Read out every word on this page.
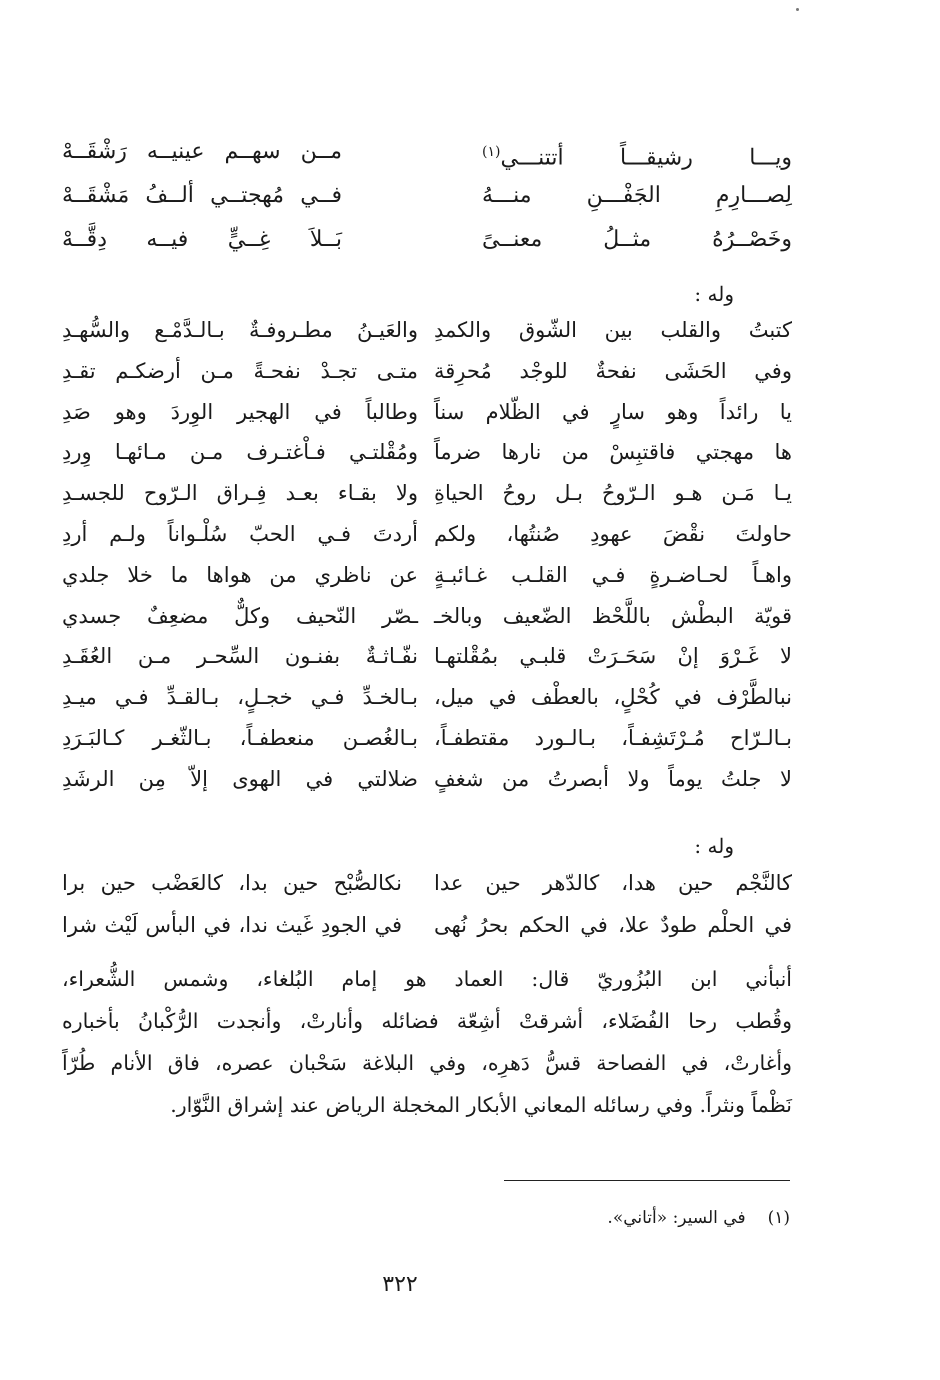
ويـــا رشيقـــاً أتتنـــي$^{(١)}$
مــن سهــم عينيــه رَشْقَــهْ
لِصـــارِمِ الجَفْـــنِ منـــهُ
فــي مُهجتــي ألــفُ مَشْقَــهْ
وخَصْــرُهُ مثــلُ معنــىً
بَــلاَ غِــيٍّ فيــه دِقَّــهْ
وله :
كتبتُ والقلب بين الشّوق والكمدِ
والعَيـنُ مطـروفـةٌ بـالـدَّمْـع والسُّهـدِ
وفي الحَشَى نفحةٌ للوجْد مُحرِقة
متـى تجـدْ نفحـةً مـن أرضكـم تقـدِ
يا رائداً وهو سارٍ في الظّلام سناً
وطالباً في الهجير الوِردَ وهو صَدِ
ها مهجتي فاقتبِسْ من نارها ضرماً
ومُقْلتـي فـاْغتـرف مـن مـائهـا وِردِ
يـا مَـن هـو الـرّوحُ بـل روحُ الحياةِ
ولا بقـاء بعـد فِـراق الـرّوح للجسـدِ
حاولتَ نقْضَ عهودِ صُنتُها، ولكم
أردتَ فـي الحبّ سُلْـواناً ولـم أردِ
واهـاً لحـاضـرةٍ فـي القلـب غـائبـةٍ
عن ناظري من هواها ما خلا جلدي
قويّة البطْش باللَّحْظ الضّعيف وبالخـ
ـصّر النّحيف وكلٌّ مضعِفٌ جسدي
لا غَـرْوَ إنْ سَحَـرَتْ قلبـي بمُقْلتهـا
نفّـاثـةٌ بفنـون السِّحـر مـن العُقَـدِ
نبالطَّرْف في كُحْلٍ، بالعطْف في ميل،
بـالخـدِّ فـي خجـلٍ، بـالقـدِّ فـي ميـدِ
بـالـرّاح مُـرْتَشِفـاً، بـالـورد مقتطفـاً،
بـالغُصـن منعطفـاً، بـالثّغـر كـالبَـرَدِ
لا جلتُ يوماً ولا أبصرتُ من شغفٍ
ضلالتي في الهوى إلاّ مِن الرشَدِ
وله :
كالنَّجْم حين هدا، كالدّهر حين عدا
نكالصُّبْح حين بدا، كالعَضْب حين برا
في الحلْم طودٌ علا، في الحكم بحرُ نُهى
في الجودِ غَيث ندا، في البأس لَيْث شرا
أنبأني ابن البُزُوريّ قال: العماد هو إمام البُلغاء، وشمس الشُّعراء،
وقُطب رحا الفُضَلاء، أشرقتْ أشِعّة فضائله وأنارتْ، وأنجدت الرُّكْبانُ بأخباره
وأغارتْ، في الفصاحة قسُّ دَهرِه، وفي البلاغة سَحْبان عصره، فاق الأنام طُرّاً
نَظْماً ونثراً. وفي رسائله المعاني الأبكار المخجلة الرياض عند إشراق النَّوّار.
(١)
في السير: «أتاني».
٣٢٢
